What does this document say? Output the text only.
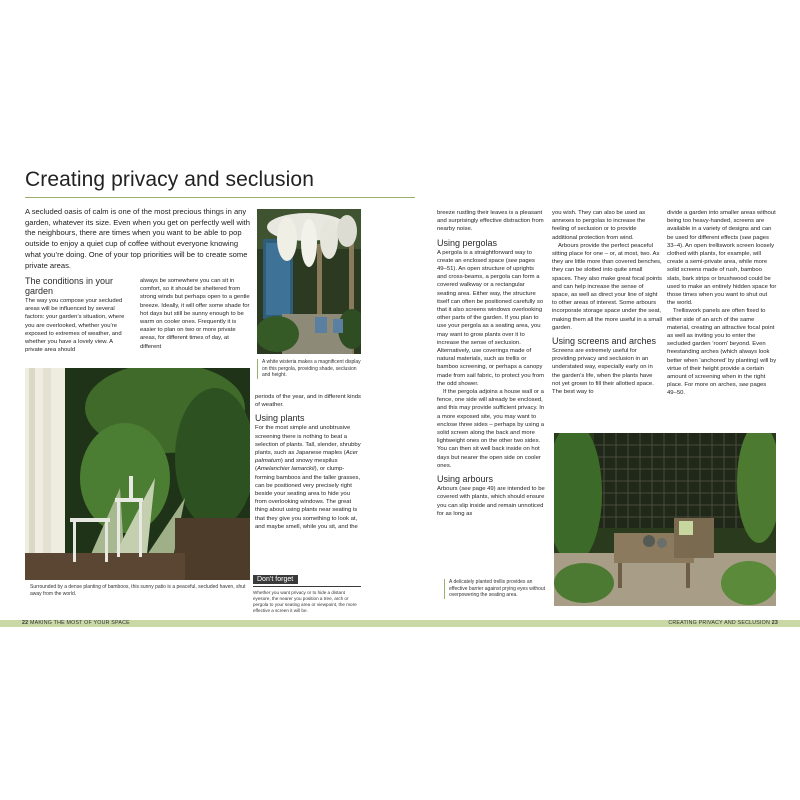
Creating privacy and seclusion
A secluded oasis of calm is one of the most precious things in any garden, whatever its size. Even when you get on perfectly well with the neighbours, there are times when you want to be able to pop outside to enjoy a quiet cup of coffee without everyone knowing what you’re doing. One of your top priorities will be to create some private areas.
The conditions in your garden

The way you compose your secluded areas will be influenced by several factors: your garden’s situation, where you are overlooked, whether you’re exposed to extremes of weather, and whether you have a lovely view. A private area should

always be somewhere you can sit in comfort, so it should be sheltered from strong winds but perhaps open to a gentle breeze. Ideally, it will offer some shade for hot days but still be sunny enough to be warm on cooler ones. Frequently it is easier to plan on two or more private areas, for different times of day, at different

A white wisteria makes a magnificent display on this pergola, providing shade, seclusion and height.
Surrounded by a dense planting of bamboos, this sunny patio is a peaceful, secluded haven, shut away from the world.

periods of the year, and in different kinds of weather.

Using plants

For the most simple and unobtrusive screening there is nothing to beat a selection of plants. Tall, slender, shrubby plants, such as Japanese maples (Acer palmatum) and snowy mespilus (Amelanchier lamarckii), or clump-forming bamboos and the taller grasses, can be positioned very precisely right beside your seating area to hide you from overlooking windows. The great thing about using plants near seating is that they give you something to look at, and maybe smell, while you sit, and the

Don’t forget
Whether you want privacy or to hide a distant eyesore, the nearer you position a tree, arch or pergola to your seating area or viewpoint, the more effective a screen it will be.

breeze rustling their leaves is a pleasant and surprisingly effective distraction from nearby noise.

Using pergolas

A pergola is a straightforward way to create an enclosed space (see pages 49–51). An open structure of uprights and cross-beams, a pergola can form a covered walkway or a rectangular seating area. Either way, the structure itself can often be positioned carefully so that it also screens windows overlooking other parts of the garden. If you plan to use your pergola as a seating area, you may want to grow plants over it to increase the sense of seclusion. Alternatively, use coverings made of natural materials, such as trellis or bamboo screening, or perhaps a canopy made from sail fabric, to protect you from the odd shower.

If the pergola adjoins a house wall or a fence, one side will already be enclosed, and this may provide sufficient privacy. In a more exposed site, you may want to enclose three sides – perhaps by using a solid screen along the back and more lightweight ones on the other two sides. You can then sit well back inside on hot days but nearer the open side on cooler ones.

Using arbours

Arbours (see page 49) are intended to be covered with plants, which should ensure you can slip inside and remain unnoticed for as long as

you wish. They can also be used as annexes to pergolas to increase the feeling of seclusion or to provide additional protection from wind.

Arbours provide the perfect peaceful sitting place for one – or, at most, two. As they are little more than covered benches, they can be slotted into quite small spaces. They also make great focal points and can help increase the sense of space, as well as direct your line of sight to other areas of interest. Some arbours incorporate storage space under the seat, making them all the more useful in a small garden.

Using screens and arches

Screens are extremely useful for providing privacy and seclusion in an understated way, especially early on in the garden’s life, when the plants have not yet grown to fill their allotted space. The best way to

divide a garden into smaller areas without being too heavy-handed, screens are available in a variety of designs and can be used for different effects (see pages 33–4). An open trelliswork screen loosely clothed with plants, for example, will create a semi-private area, while more solid screens made of rush, bamboo slats, bark strips or brushwood could be used to make an entirely hidden space for those times when you want to shut out the world.

Trelliswork panels are often fixed to either side of an arch of the same material, creating an attractive focal point as well as inviting you to enter the secluded garden ‘room’ beyond. Even freestanding arches (which always look better when ‘anchored’ by planting) will by virtue of their height provide a certain amount of screening when in the right place. For more on arches, see pages 49–50.

A delicately planted trellis provides an effective barrier against prying eyes without overpowering the seating area.
22 MAKING THE MOST OF YOUR SPACE	CREATING PRIVACY AND SECLUSION 23
